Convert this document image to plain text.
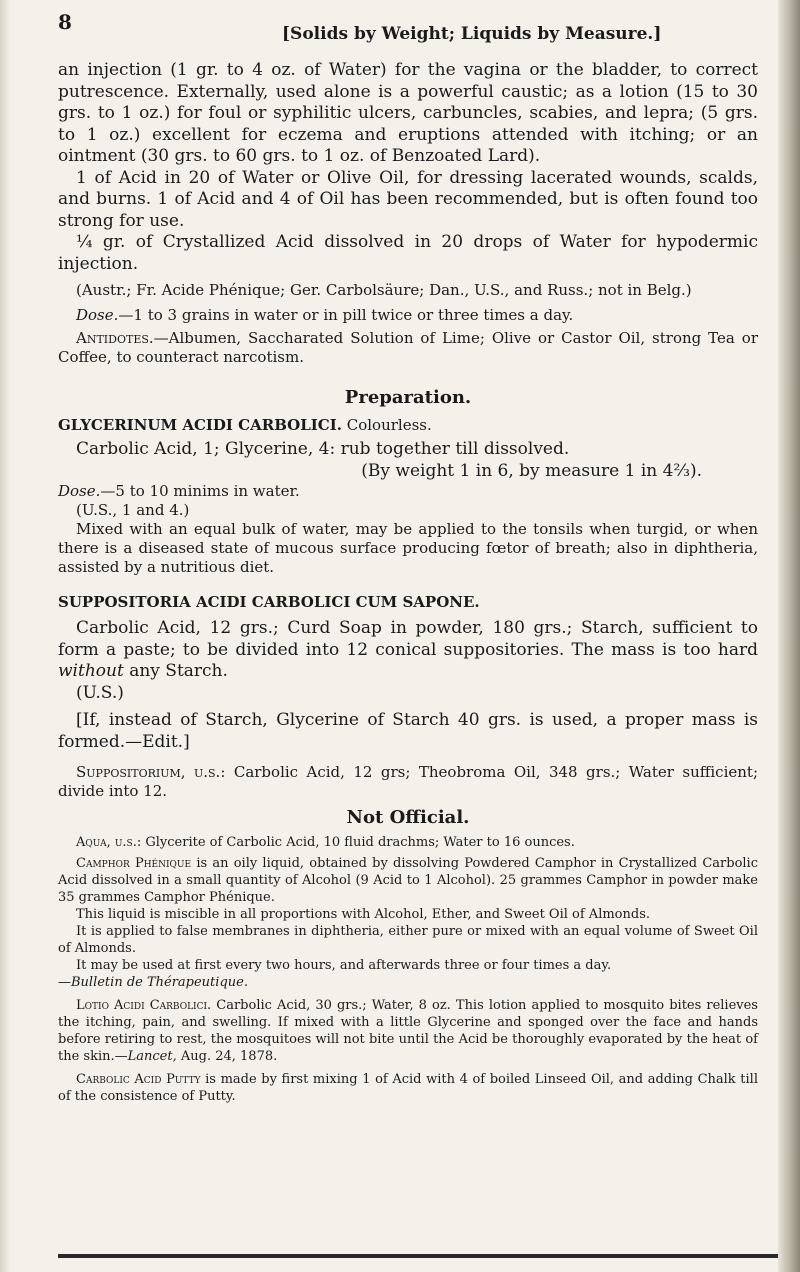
8	[Solids by Weight; Liquids by Measure.]

an injection (1 gr. to 4 oz. of Water) for the vagina or the bladder, to correct putrescence. Externally, used alone is a powerful caustic; as a lotion (15 to 30 grs. to 1 oz.) for foul or syphilitic ulcers, carbuncles, scabies, and lepra; (5 grs. to 1 oz.) excellent for eczema and eruptions attended with itching; or an ointment (30 grs. to 60 grs. to 1 oz. of Benzoated Lard).

1 of Acid in 20 of Water or Olive Oil, for dressing lacerated wounds, scalds, and burns. 1 of Acid and 4 of Oil has been recommended, but is often found too strong for use.

¼ gr. of Crystallized Acid dissolved in 20 drops of Water for hypodermic injection.

(Austr.; Fr. Acide Phénique; Ger. Carbolsäure; Dan., U.S., and Russ.; not in Belg.)

Dose.—1 to 3 grains in water or in pill twice or three times a day.

Antidotes.—Albumen, Saccharated Solution of Lime; Olive or Castor Oil, strong Tea or Coffee, to counteract narcotism.

Preparation.

GLYCERINUM ACIDI CARBOLICI. Colourless.

Carbolic Acid, 1; Glycerine, 4: rub together till dissolved.

(By weight 1 in 6, by measure 1 in 4⅔).

Dose.—5 to 10 minims in water.

(U.S., 1 and 4.)

Mixed with an equal bulk of water, may be applied to the tonsils when turgid, or when there is a diseased state of mucous surface producing fœtor of breath; also in diphtheria, assisted by a nutritious diet.

SUPPOSITORIA ACIDI CARBOLICI CUM SAPONE.

Carbolic Acid, 12 grs.; Curd Soap in powder, 180 grs.; Starch, sufficient to form a paste; to be divided into 12 conical suppositories. The mass is too hard without any Starch.

(U.S.)

[If, instead of Starch, Glycerine of Starch 40 grs. is used, a proper mass is formed.—Edit.]

Suppositorium, u.s.: Carbolic Acid, 12 grs; Theobroma Oil, 348 grs.; Water sufficient; divide into 12.

Not Official.

Aqua, u.s.: Glycerite of Carbolic Acid, 10 fluid drachms; Water to 16 ounces.

Camphor Phénique is an oily liquid, obtained by dissolving Powdered Camphor in Crystallized Carbolic Acid dissolved in a small quantity of Alcohol (9 Acid to 1 Alcohol). 25 grammes Camphor in powder make 35 grammes Camphor Phénique.

This liquid is miscible in all proportions with Alcohol, Ether, and Sweet Oil of Almonds.

It is applied to false membranes in diphtheria, either pure or mixed with an equal volume of Sweet Oil of Almonds.

It may be used at first every two hours, and afterwards three or four times a day.

—Bulletin de Thérapeutique.

Lotio Acidi Carbolici. Carbolic Acid, 30 grs.; Water, 8 oz. This lotion applied to mosquito bites relieves the itching, pain, and swelling. If mixed with a little Glycerine and sponged over the face and hands before retiring to rest, the mosquitoes will not bite until the Acid be thoroughly evaporated by the heat of the skin.—Lancet, Aug. 24, 1878.

Carbolic Acid Putty is made by first mixing 1 of Acid with 4 of boiled Linseed Oil, and adding Chalk till of the consistence of Putty.
